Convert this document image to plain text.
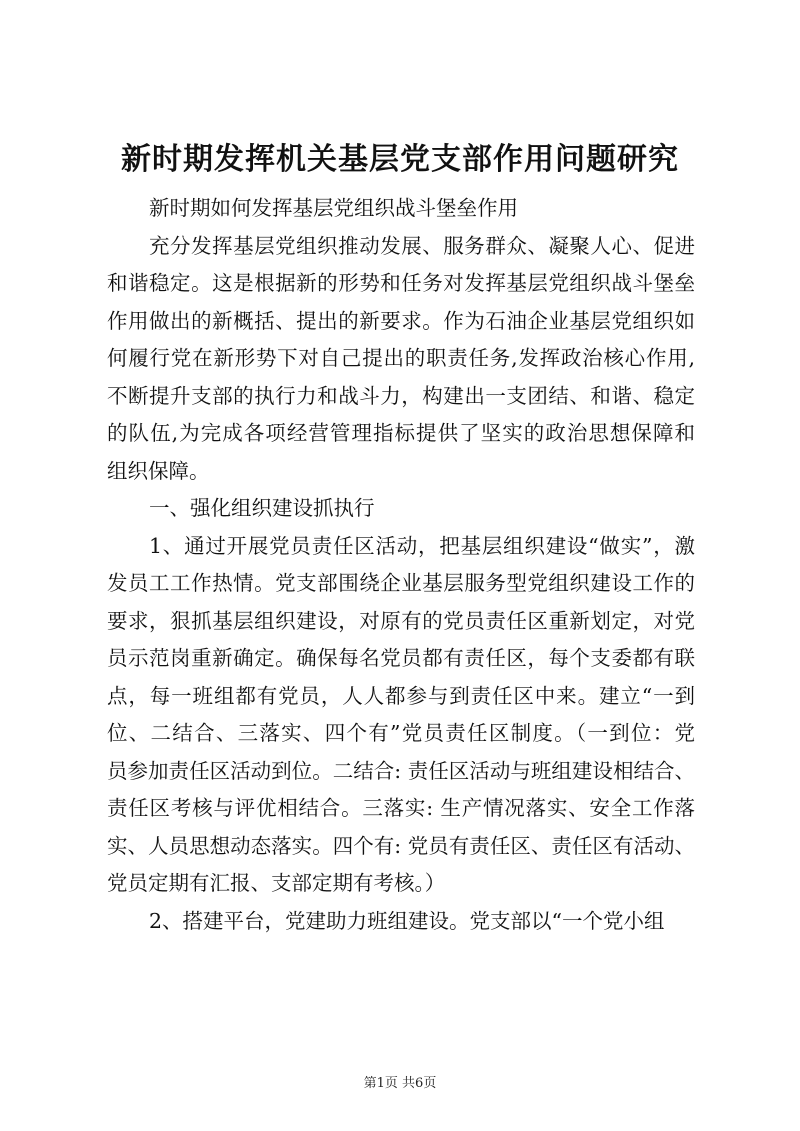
新时期发挥机关基层党支部作用问题研究
新时期如何发挥基层党组织战斗堡垒作用
充分发挥基层党组织推动发展、服务群众、凝聚人心、促进
和谐稳定。这是根据新的形势和任务对发挥基层党组织战斗堡垒
作用做出的新概括、提出的新要求。作为石油企业基层党组织如
何履行党在新形势下对自己提出的职责任务,发挥政治核心作用,
不断提升支部的执行力和战斗力，构建出一支团结、和谐、稳定
的队伍,为完成各项经营管理指标提供了坚实的政治思想保障和
组织保障。
一、强化组织建设抓执行
1、通过开展党员责任区活动，把基层组织建设“做实”，激
发员工工作热情。党支部围绕企业基层服务型党组织建设工作的
要求，狠抓基层组织建设，对原有的党员责任区重新划定，对党
员示范岗重新确定。确保每名党员都有责任区，每个支委都有联
点，每一班组都有党员，人人都参与到责任区中来。建立“一到
位、二结合、三落实、四个有”党员责任区制度。（一到位：党
员参加责任区活动到位。二结合: 责任区活动与班组建设相结合、
责任区考核与评优相结合。三落实: 生产情况落实、安全工作落
实、人员思想动态落实。四个有: 党员有责任区、责任区有活动、
党员定期有汇报、支部定期有考核。）
2、搭建平台，党建助力班组建设。党支部以“一个党小组
第1页 共6页
